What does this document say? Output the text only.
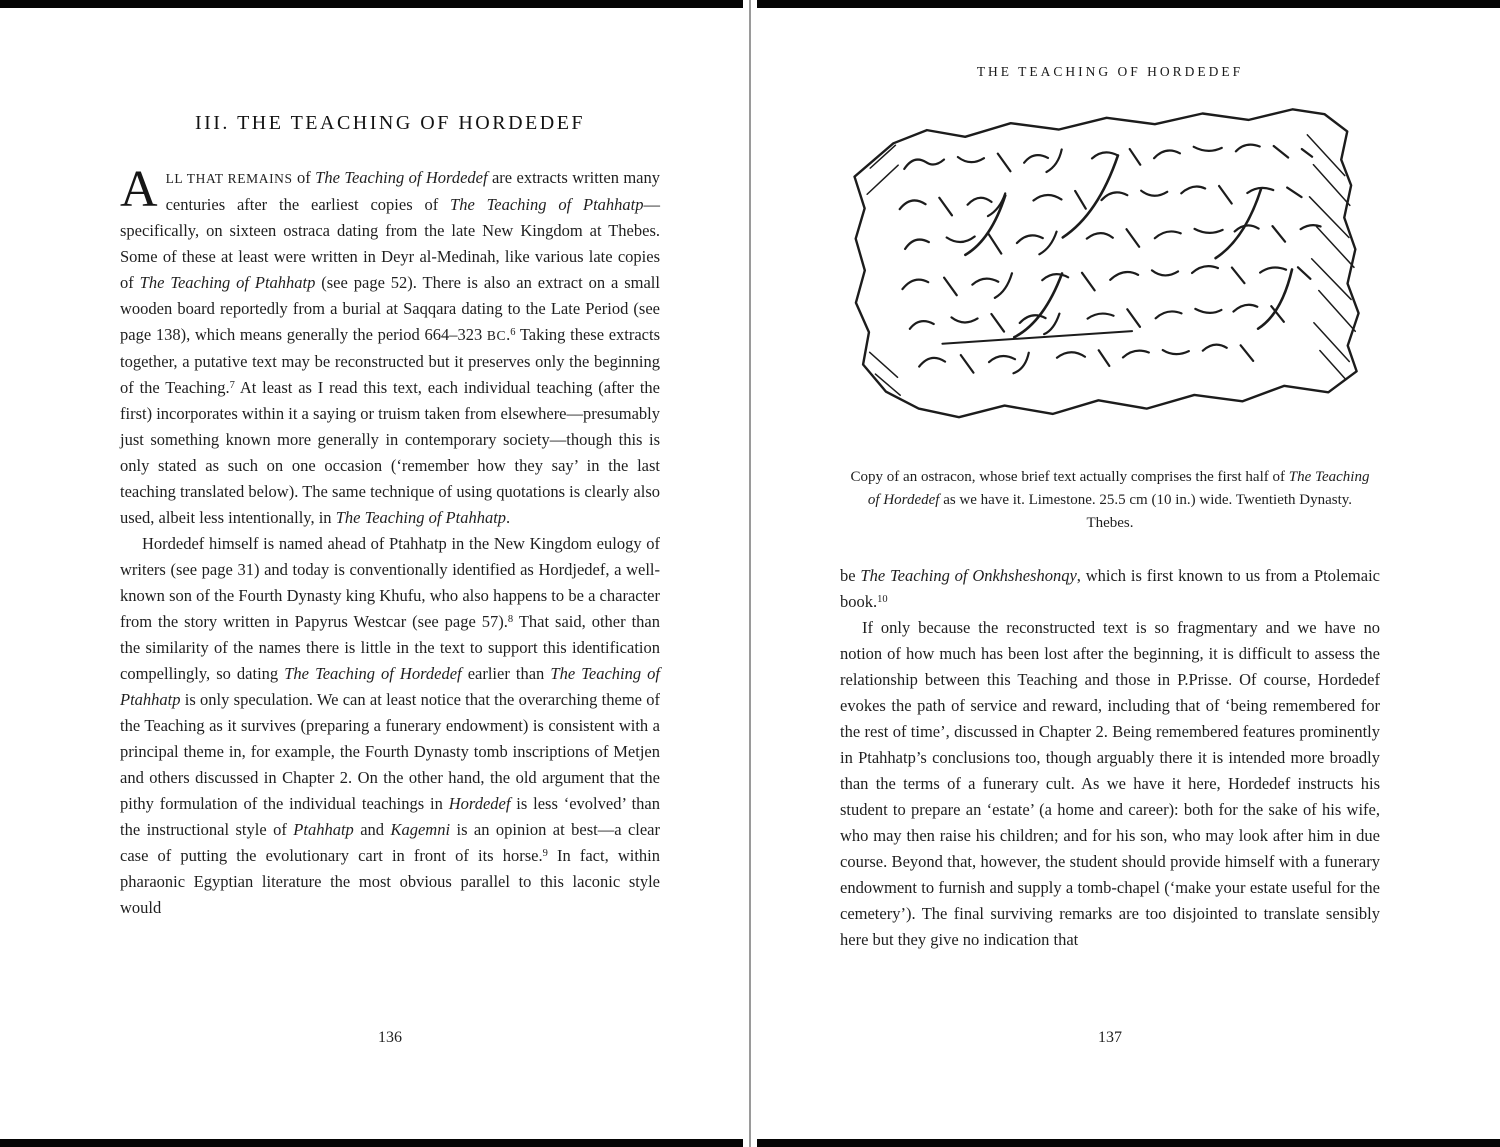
III. THE TEACHING OF HORDEDEF

ALL THAT REMAINS of The Teaching of Hordedef are extracts written many centuries after the earliest copies of The Teaching of Ptahhatp—specifically, on sixteen ostraca dating from the late New Kingdom at Thebes. Some of these at least were written in Deyr al-Medinah, like various late copies of The Teaching of Ptahhatp (see page 52). There is also an extract on a small wooden board reportedly from a burial at Saqqara dating to the Late Period (see page 138), which means generally the period 664–323 BC.$^6$ Taking these extracts together, a putative text may be reconstructed but it preserves only the beginning of the Teaching.$^7$ At least as I read this text, each individual teaching (after the first) incorporates within it a saying or truism taken from elsewhere—presumably just something known more generally in contemporary society—though this is only stated as such on one occasion (‘remember how they say’ in the last teaching translated below). The same technique of using quotations is clearly also used, albeit less intentionally, in The Teaching of Ptahhatp.

Hordedef himself is named ahead of Ptahhatp in the New Kingdom eulogy of writers (see page 31) and today is conventionally identified as Hordjedef, a well-known son of the Fourth Dynasty king Khufu, who also happens to be a character from the story written in Papyrus Westcar (see page 57).$^8$ That said, other than the similarity of the names there is little in the text to support this identification compellingly, so dating The Teaching of Hordedef earlier than The Teaching of Ptahhatp is only speculation. We can at least notice that the overarching theme of the Teaching as it survives (preparing a funerary endowment) is consistent with a principal theme in, for example, the Fourth Dynasty tomb inscriptions of Metjen and others discussed in Chapter 2. On the other hand, the old argument that the pithy formulation of the individual teachings in Hordedef is less ‘evolved’ than the instructional style of Ptahhatp and Kagemni is an opinion at best—a clear case of putting the evolutionary cart in front of its horse.$^9$ In fact, within pharaonic Egyptian literature the most obvious parallel to this laconic style would

136
THE TEACHING OF HORDEDEF
Copy of an ostracon, whose brief text actually comprises the first half of The Teaching of Hordedef as we have it. Limestone. 25.5 cm (10 in.) wide. Twentieth Dynasty. Thebes.

be The Teaching of Onkhsheshonqy, which is first known to us from a Ptolemaic book.$^{10}$

If only because the reconstructed text is so fragmentary and we have no notion of how much has been lost after the beginning, it is difficult to assess the relationship between this Teaching and those in P.Prisse. Of course, Hordedef evokes the path of service and reward, including that of ‘being remembered for the rest of time’, discussed in Chapter 2. Being remembered features prominently in Ptahhatp’s conclusions too, though arguably there it is intended more broadly than the terms of a funerary cult. As we have it here, Hordedef instructs his student to prepare an ‘estate’ (a home and career): both for the sake of his wife, who may then raise his children; and for his son, who may look after him in due course. Beyond that, however, the student should provide himself with a funerary endowment to furnish and supply a tomb-chapel (‘make your estate useful for the cemetery’). The final surviving remarks are too disjointed to translate sensibly here but they give no indication that

137
